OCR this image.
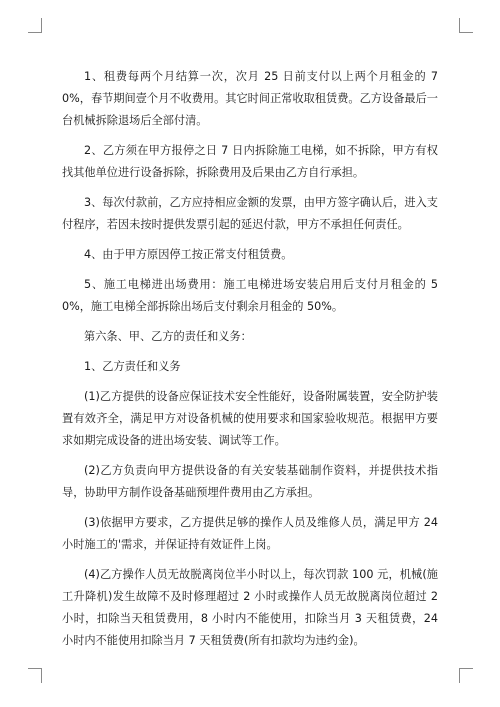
1、租费每两个月结算一次，次月 25 日前支付以上两个月租金的 70%，春节期间壹个月不收费用。其它时间正常收取租赁费。乙方设备最后一台机械拆除退场后全部付清。

2、乙方须在甲方报停之日 7 日内拆除施工电梯，如不拆除，甲方有权找其他单位进行设备拆除，拆除费用及后果由乙方自行承担。

3、每次付款前，乙方应持相应金额的发票，由甲方签字确认后，进入支付程序，若因未按时提供发票引起的延迟付款，甲方不承担任何责任。

4、由于甲方原因停工按正常支付租赁费。

5、施工电梯进出场费用：施工电梯进场安装启用后支付月租金的 50%，施工电梯全部拆除出场后支付剩余月租金的 50%。

第六条、甲、乙方的责任和义务：

1、乙方责任和义务

(1)乙方提供的设备应保证技术安全性能好，设备附属装置，安全防护装置有效齐全，满足甲方对设备机械的使用要求和国家验收规范。根据甲方要求如期完成设备的进出场安装、调试等工作。

(2)乙方负责向甲方提供设备的有关安装基础制作资料，并提供技术指导，协助甲方制作设备基础预埋件费用由乙方承担。

(3)依据甲方要求，乙方提供足够的操作人员及维修人员，满足甲方 24 小时施工的'需求，并保证持有效证件上岗。

(4)乙方操作人员无故脱离岗位半小时以上，每次罚款 100 元，机械(施工升降机)发生故障不及时修理超过 2 小时或操作人员无故脱离岗位超过 2 小时，扣除当天租赁费用，8 小时内不能使用，扣除当月 3 天租赁费，24 小时内不能使用扣除当月 7 天租赁费(所有扣款均为违约金)。
